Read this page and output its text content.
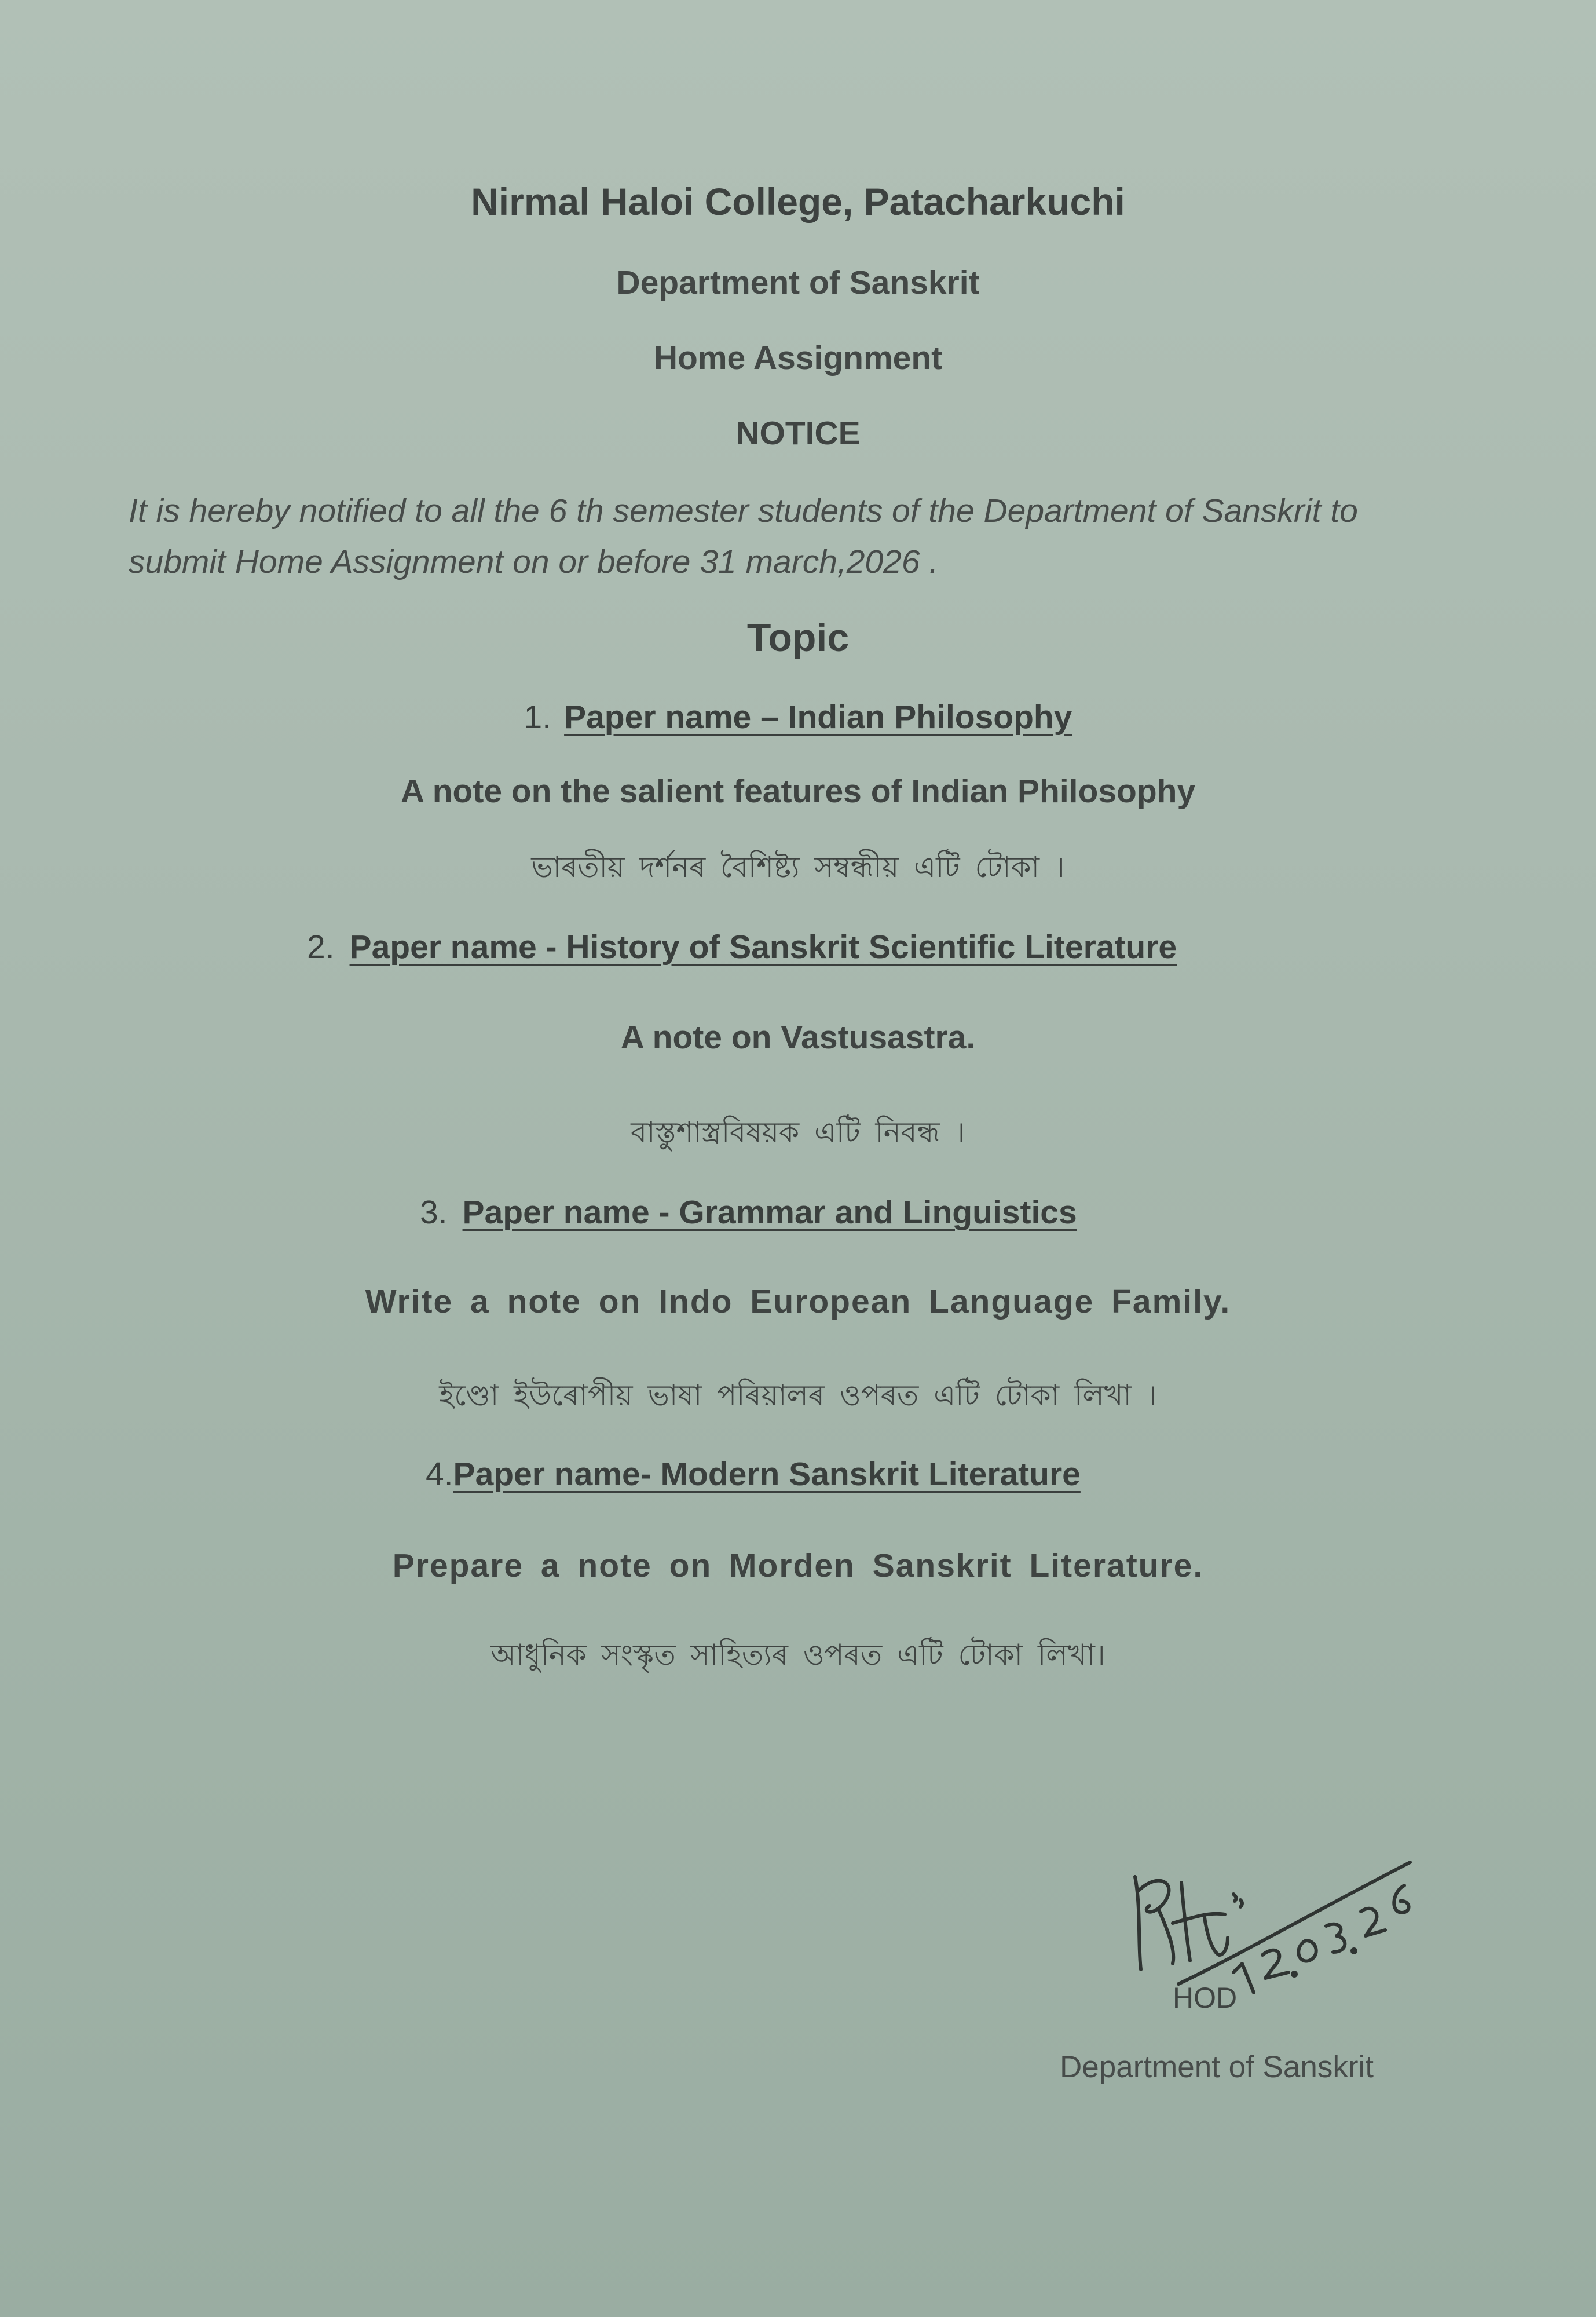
Nirmal Haloi College, Patacharkuchi
Department of Sanskrit
Home Assignment
NOTICE
It is hereby notified to all the 6 th semester students of the Department of Sanskrit to submit Home Assignment on or before 31 march,2026 .
Topic
1. Paper name – Indian Philosophy
A note on the salient features of Indian Philosophy
ভাৰতীয় দৰ্শনৰ বৈশিষ্ট্য সম্বন্ধীয় এটি টোকা ।
2. Paper name - History of Sanskrit Scientific Literature
A note on Vastusastra.
বাস্তুশাস্ত্ৰবিষয়ক এটি নিবন্ধ ।
3. Paper name - Grammar and Linguistics
Write a note on Indo European Language Family.
ইণ্ডো ইউৰোপীয় ভাষা পৰিয়ালৰ ওপৰত এটি টোকা লিখা ।
4.Paper name- Modern Sanskrit Literature
Prepare a note on Morden Sanskrit Literature.
আধুনিক সংস্কৃত সাহিত্যৰ ওপৰত এটি টোকা লিখা।
HOD
Department of Sanskrit
